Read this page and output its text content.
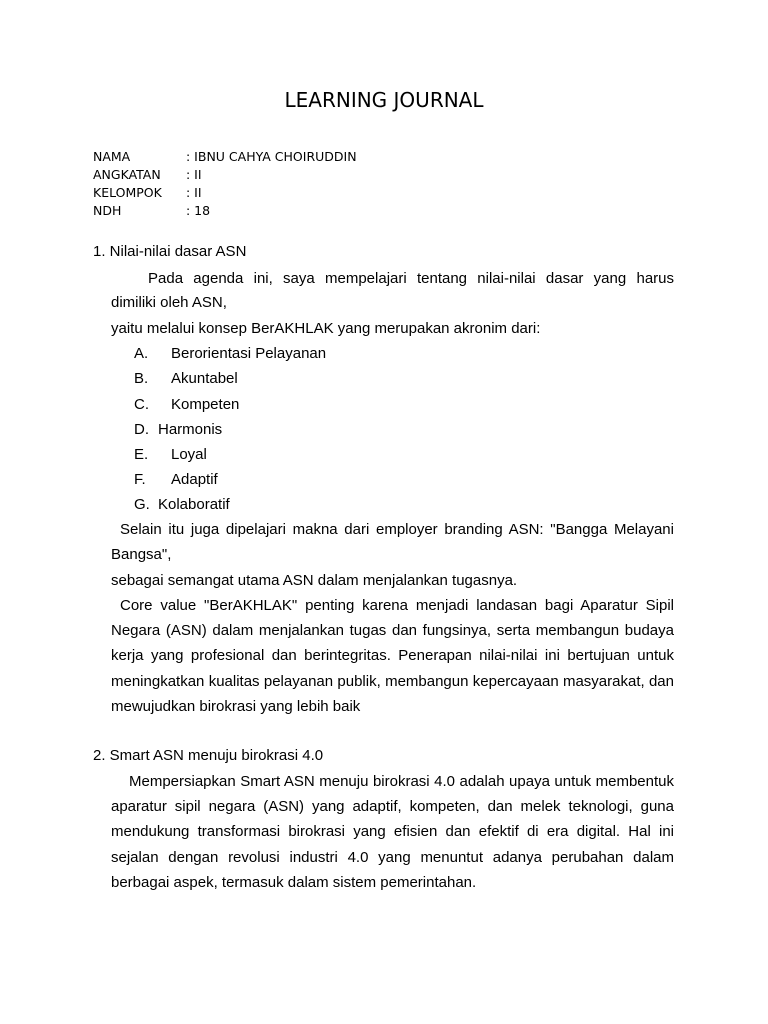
LEARNING JOURNAL
NAMA	: IBNU CAHYA CHOIRUDDIN
ANGKATAN : II
KELOMPOK : II
NDH	: 18
1. Nilai-nilai dasar ASN
Pada agenda ini, saya mempelajari tentang nilai-nilai dasar yang harus
dimiliki oleh ASN,
yaitu melalui konsep BerAKHLAK yang merupakan akronim dari:
A. Berorientasi Pelayanan
B. Akuntabel
C. Kompeten
D. Harmonis
E. Loyal
F. Adaptif
G. Kolaboratif
Selain itu juga dipelajari makna dari employer branding ASN: "Bangga Melayani
Bangsa",
sebagai semangat utama ASN dalam menjalankan tugasnya.
Core value "BerAKHLAK" penting karena menjadi landasan bagi Aparatur Sipil Negara (ASN) dalam menjalankan tugas dan fungsinya, serta membangun budaya kerja yang profesional dan berintegritas. Penerapan nilai-nilai ini bertujuan untuk meningkatkan kualitas pelayanan publik, membangun kepercayaan masyarakat, dan mewujudkan birokrasi yang lebih baik
2. Smart ASN menuju birokrasi 4.0
Mempersiapkan Smart ASN menuju birokrasi 4.0 adalah upaya untuk membentuk aparatur sipil negara (ASN) yang adaptif, kompeten, dan melek teknologi, guna mendukung transformasi birokrasi yang efisien dan efektif di era digital. Hal ini sejalan dengan revolusi industri 4.0 yang menuntut adanya perubahan dalam berbagai aspek, termasuk dalam sistem pemerintahan.
